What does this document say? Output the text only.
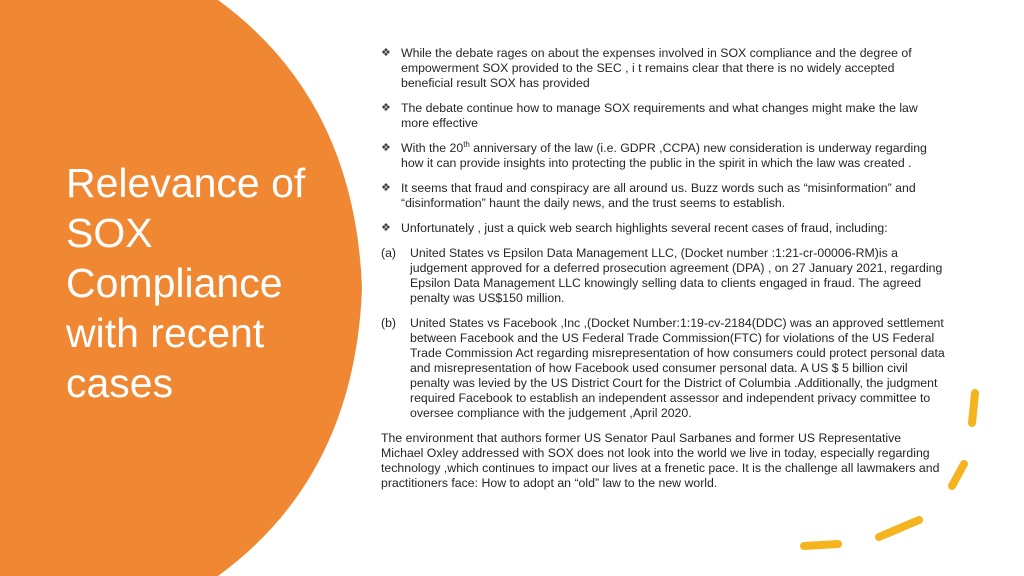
Relevance of
SOX
Compliance
with recent
cases
❖ While the debate rages on about the expenses involved in SOX compliance and the degree of empowerment SOX provided to the SEC , i t remains clear that there is no widely accepted beneficial result SOX has provided
❖ The debate continue how to manage SOX requirements and what changes might make the law more effective
❖ With the 20th anniversary of the law (i.e. GDPR ,CCPA) new consideration is underway regarding how it can provide insights into protecting the public in the spirit in which the law was created .
❖ It seems that fraud and conspiracy are all around us. Buzz words such as “misinformation” and “disinformation” haunt the daily news, and the trust seems to establish.
❖ Unfortunately , just a quick web search highlights several recent cases of fraud, including:
(a) United States vs Epsilon Data Management LLC, (Docket number :1:21-cr-00006-RM)is a judgement approved for a deferred prosecution agreement (DPA) , on 27 January 2021, regarding Epsilon Data Management LLC knowingly selling data to clients engaged in fraud. The agreed penalty was US$150 million.
(b) United States vs Facebook ,Inc ,(Docket Number:1:19-cv-2184(DDC) was an approved settlement between Facebook and the US Federal Trade Commission(FTC) for violations of the US Federal Trade Commission Act regarding misrepresentation of how consumers could protect personal data and misrepresentation of how Facebook used consumer personal data. A US $ 5 billion civil penalty was levied by the US District Court for the District of Columbia .Additionally, the judgment required Facebook to establish an independent assessor and independent privacy committee to oversee compliance with the judgement ,April 2020.
The environment that authors former US Senator Paul Sarbanes and former US Representative Michael Oxley addressed with SOX does not look into the world we live in today, especially regarding technology ,which continues to impact our lives at a frenetic pace. It is the challenge all lawmakers and practitioners face: How to adopt an “old” law to the new world.
